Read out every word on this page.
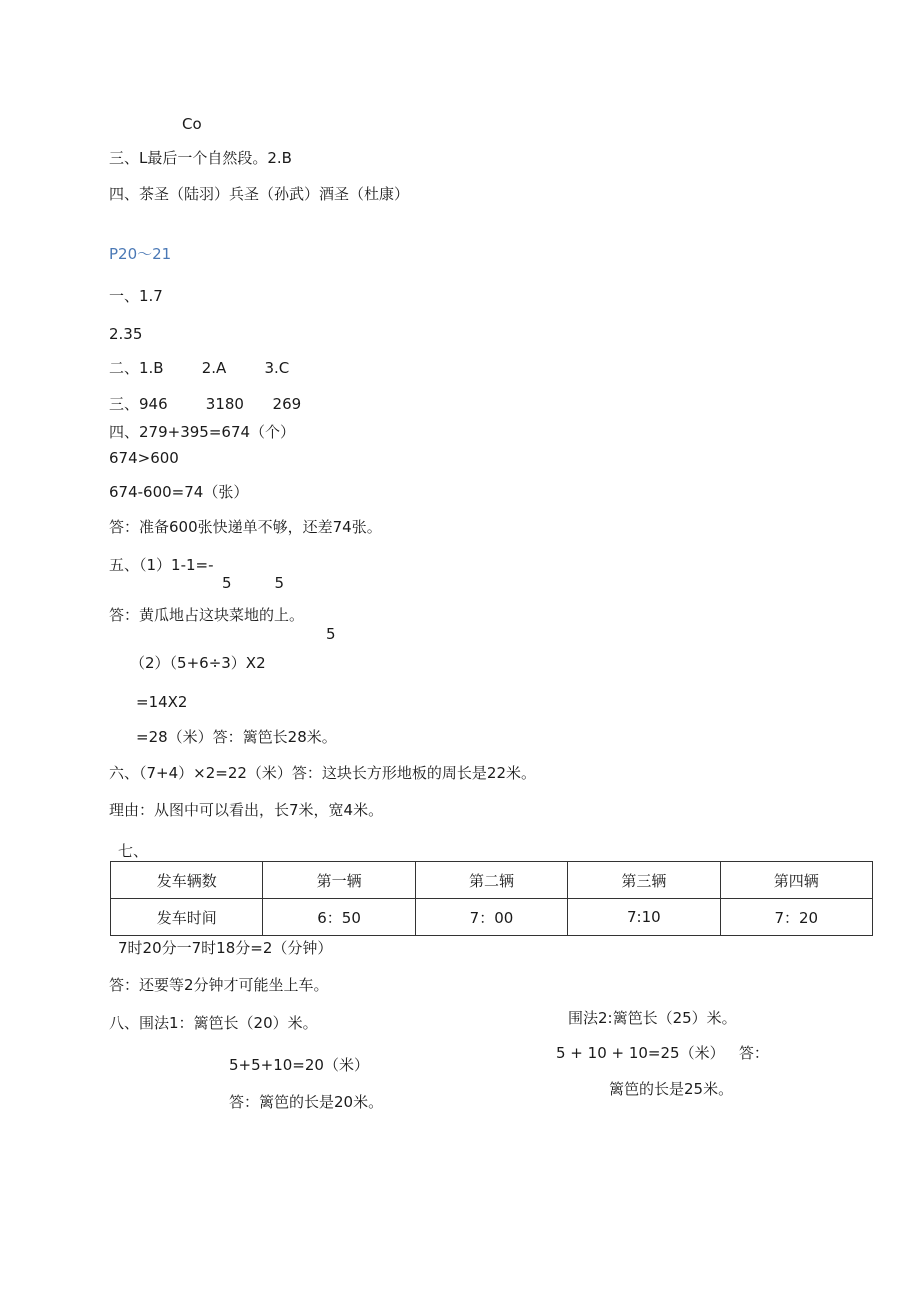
Co
三、L最后一个自然段。2.B
四、茶圣（陆羽）兵圣（孙武）酒圣（杜康）
P20～21
一、1.7
2.35
二、1.B        2.A        3.C
三、946        3180      269
四、279+395=674（个）
674>600
674-600=74（张）
答：准备600张快递单不够，还差74张。
五、（1）1-1=-
5         5
答：黄瓜地占这块菜地的上。
5
（2）（5+6÷3）X2
=14X2
=28（米）答：篱笆长28米。
六、（7+4）×2=22（米）答：这块长方形地板的周长是22米。
理由：从图中可以看出，长7米，宽4米。
七、
发车辆数	第一辆	第二辆	第三辆	第四辆
发车时间	6：50	7：00	7:10	7：20
7时20分一7时18分=2（分钟）
答：还要等2分钟才可能坐上车。
八、围法1：篱笆长（20）米。
5+5+10=20（米）
答：篱笆的长是20米。
围法2:篱笆长（25）米。
5 + 10 + 10=25（米）   答：
篱笆的长是25米。
